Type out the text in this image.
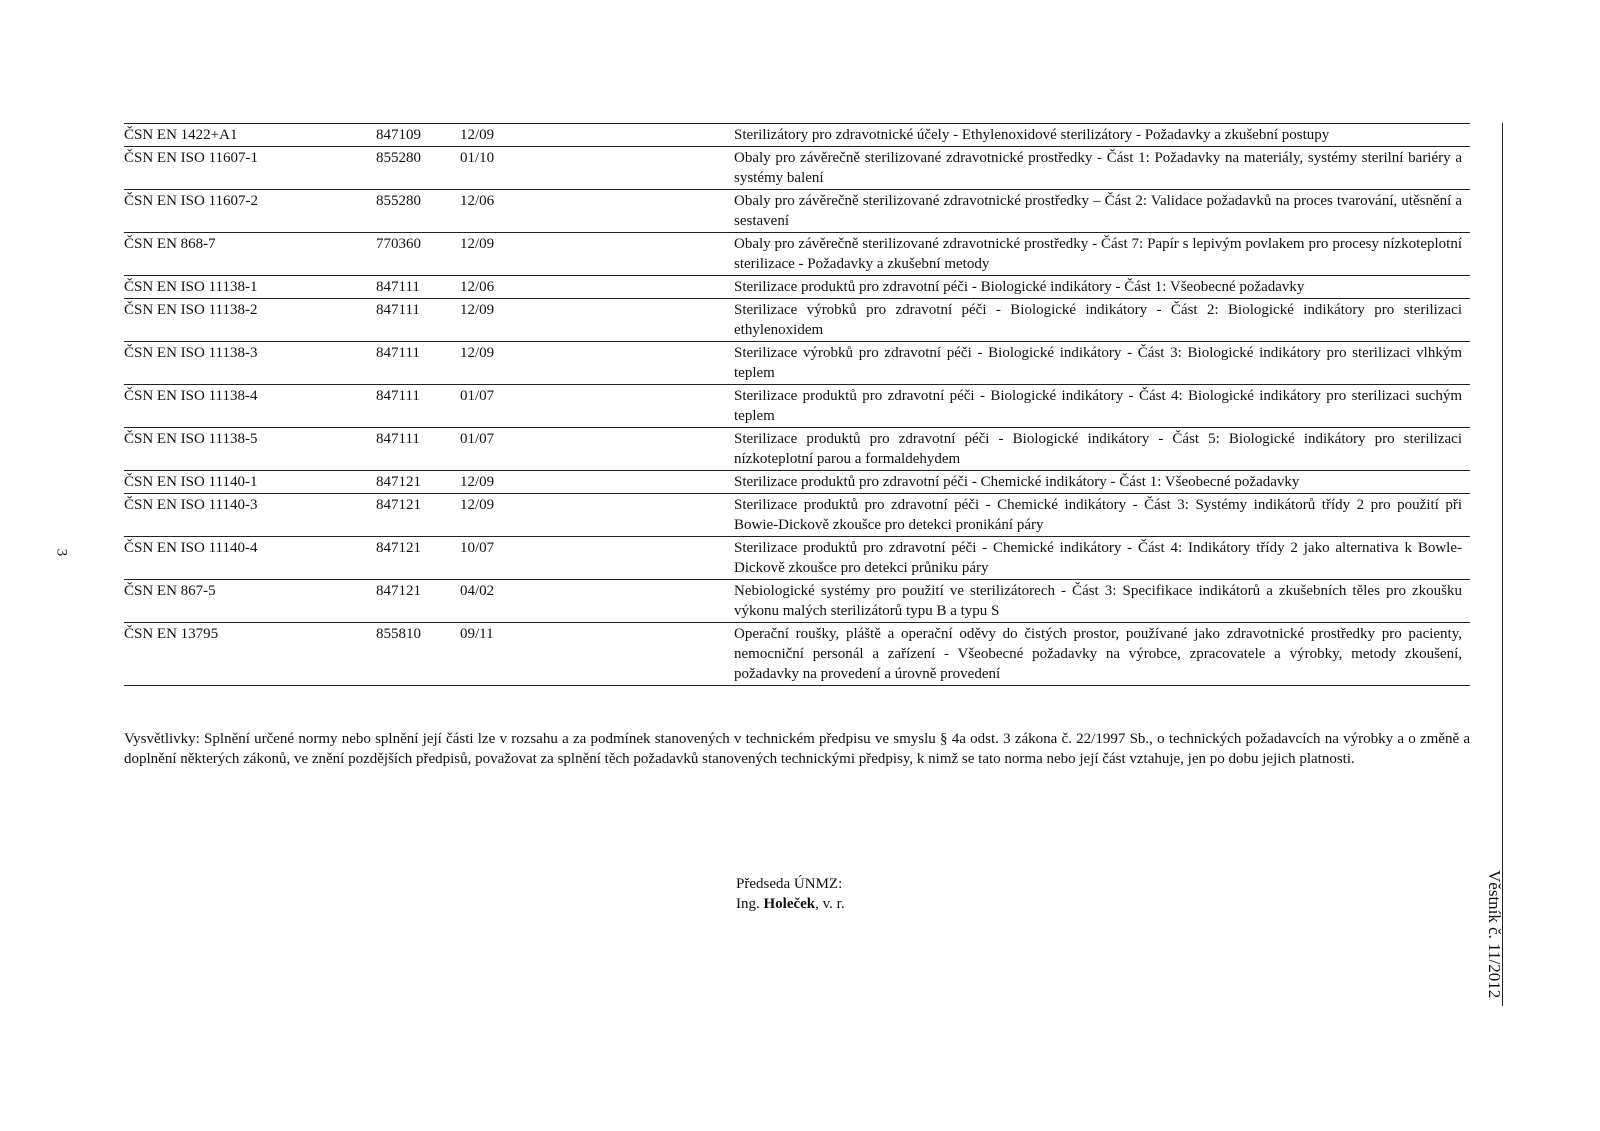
3
Věstník č. 11/2012
ČSN EN 1422+A1	847109	12/09	Sterilizátory pro zdravotnické účely - Ethylenoxidové sterilizátory - Požadavky a zkušební postupy
ČSN EN ISO 11607-1	855280	01/10	Obaly pro závěrečně sterilizované zdravotnické prostředky - Část 1: Požadavky na materiály, systémy sterilní bariéry a systémy balení
ČSN EN ISO 11607-2	855280	12/06	Obaly pro závěrečně sterilizované zdravotnické prostředky – Část 2: Validace požadavků na proces tvarování, utěsnění a sestavení
ČSN EN 868-7	770360	12/09	Obaly pro závěrečně sterilizované zdravotnické prostředky - Část 7: Papír s lepivým povlakem pro procesy nízkoteplotní sterilizace - Požadavky a zkušební metody
ČSN EN ISO 11138-1	847111	12/06	Sterilizace produktů pro zdravotní péči - Biologické indikátory - Část 1: Všeobecné požadavky
ČSN EN ISO 11138-2	847111	12/09	Sterilizace výrobků pro zdravotní péči - Biologické indikátory - Část 2: Biologické indikátory pro sterilizaci ethylenoxidem
ČSN EN ISO 11138-3	847111	12/09	Sterilizace výrobků pro zdravotní péči - Biologické indikátory - Část 3: Biologické indikátory pro sterilizaci vlhkým teplem
ČSN EN ISO 11138-4	847111	01/07	Sterilizace produktů pro zdravotní péči - Biologické indikátory - Část 4: Biologické indikátory pro sterilizaci suchým teplem
ČSN EN ISO 11138-5	847111	01/07	Sterilizace produktů pro zdravotní péči - Biologické indikátory - Část 5: Biologické indikátory pro sterilizaci nízkoteplotní parou a formaldehydem
ČSN EN ISO 11140-1	847121	12/09	Sterilizace produktů pro zdravotní péči - Chemické indikátory - Část 1: Všeobecné požadavky
ČSN EN ISO 11140-3	847121	12/09	Sterilizace produktů pro zdravotní péči - Chemické indikátory - Část 3: Systémy indikátorů třídy 2 pro použití při Bowie-Dickově zkoušce pro detekci pronikání páry
ČSN EN ISO 11140-4	847121	10/07	Sterilizace produktů pro zdravotní péči - Chemické indikátory - Část 4: Indikátory třídy 2 jako alternativa k Bowle-Dickově zkoušce pro detekci průniku páry
ČSN EN 867-5	847121	04/02	Nebiologické systémy pro použití ve sterilizátorech - Část 3: Specifikace indikátorů a zkušebních těles pro zkoušku výkonu malých sterilizátorů typu B a typu S
ČSN EN 13795	855810	09/11	Operační roušky, pláště a operační oděvy do čistých prostor, používané jako zdravotnické prostředky pro pacienty, nemocniční personál a zařízení - Všeobecné požadavky na výrobce, zpracovatele a výrobky, metody zkoušení, požadavky na provedení a úrovně provedení

Vysvětlivky: Splnění určené normy nebo splnění její části lze v rozsahu a za podmínek stanovených v technickém předpisu ve smyslu § 4a odst. 3 zákona č. 22/1997 Sb., o technických požadavcích na výrobky a o změně a doplnění některých zákonů, ve znění pozdějších předpisů, považovat za splnění těch požadavků stanovených technickými předpisy, k nimž se tato norma nebo její část vztahuje, jen po dobu jejich platnosti.

Předseda ÚNMZ:
Ing. Holeček, v. r.
